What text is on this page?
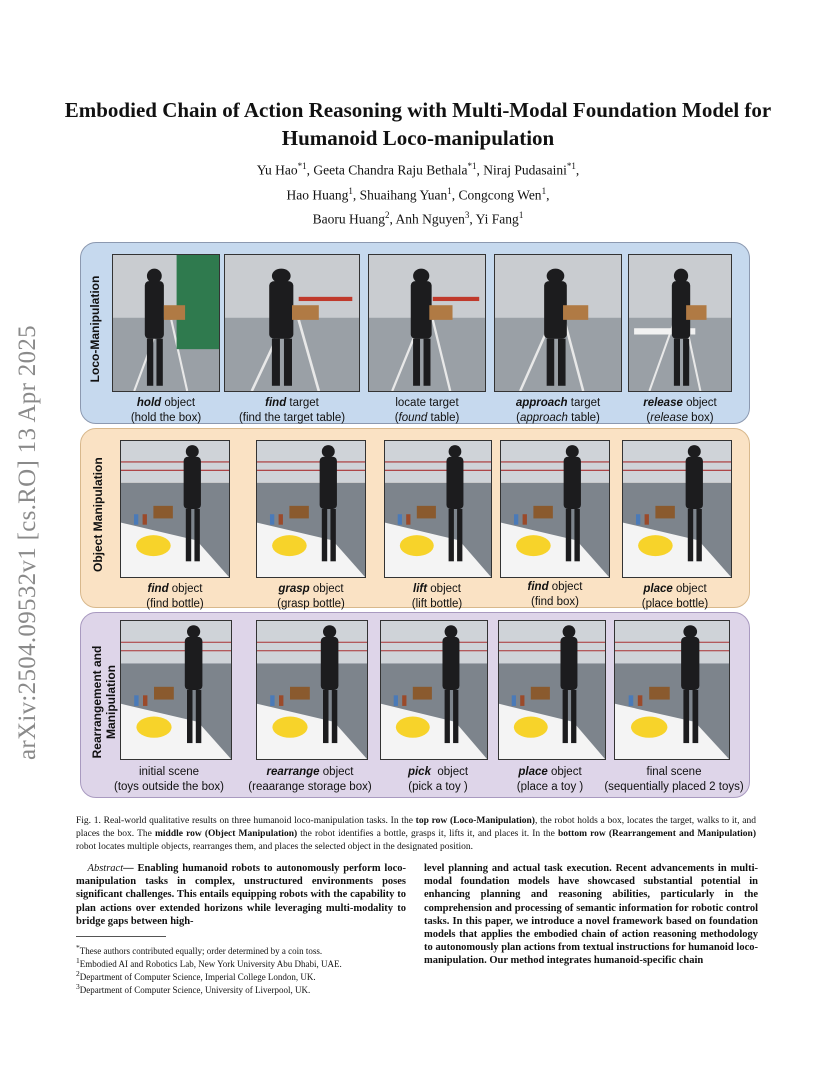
arXiv:2504.09532v1 [cs.RO] 13 Apr 2025
Embodied Chain of Action Reasoning with Multi-Modal Foundation Model for Humanoid Loco-manipulation
Yu Hao$^{*1}$, Geeta Chandra Raju Bethala$^{*1}$, Niraj Pudasaini$^{*1}$,
Hao Huang$^1$, Shuaihang Yuan$^1$, Congcong Wen$^1$,
Baoru Huang$^2$, Anh Nguyen$^3$, Yi Fang$^1$
Loco-Manipulation
Object Manipulation
Rearrangement and Manipulation
hold object
(hold the box)
find target
(find the target table)
locate target
(found table)
approach target
(approach table)
release object
(release box)
find object
(find bottle)
grasp object
(grasp bottle)
lift object
(lift bottle)
find object
(find box)
place object
(place bottle)
initial scene
(toys outside the box)
rearrange object
(reaarange storage box)
pick  object
(pick a toy )
place object
(place a toy )
final scene
(sequentially placed 2 toys)
Fig. 1. Real-world qualitative results on three humanoid loco-manipulation tasks. In the top row (Loco-Manipulation), the robot holds a box, locates the target, walks to it, and places the box. The middle row (Object Manipulation) the robot identifies a bottle, grasps it, lifts it, and places it. In the bottom row (Rearrangement and Manipulation) robot locates multiple objects, rearranges them, and places the selected object in the designated position.
Abstract— Enabling humanoid robots to autonomously perform loco-manipulation tasks in complex, unstructured environments poses significant challenges. This entails equipping robots with the capability to plan actions over extended horizons while leveraging multi-modality to bridge gaps between high-
level planning and actual task execution. Recent advancements in multi-modal foundation models have showcased substantial potential in enhancing planning and reasoning abilities, particularly in the comprehension and processing of semantic information for robotic control tasks. In this paper, we introduce a novel framework based on foundation models that applies the embodied chain of action reasoning methodology to autonomously plan actions from textual instructions for humanoid loco-manipulation. Our method integrates humanoid-specific chain
*These authors contributed equally; order determined by a coin toss.
$^1$Embodied AI and Robotics Lab, New York University Abu Dhabi, UAE.
$^2$Department of Computer Science, Imperial College London, UK.
$^3$Department of Computer Science, University of Liverpool, UK.
